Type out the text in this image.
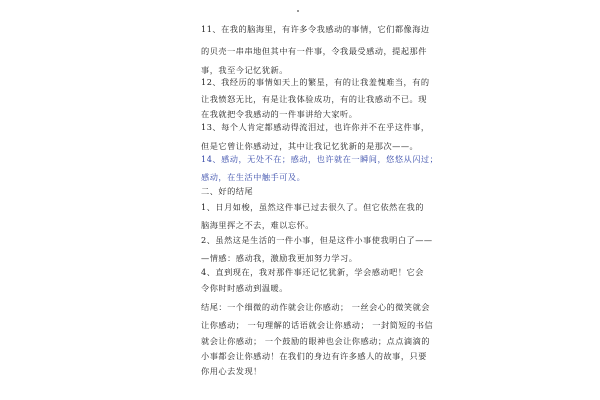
11、在我的脑海里，有许多令我感动的事情，它们都像海边
的贝壳一串串地但其中有一件事，令我最受感动，提起那件
事，我至今记忆犹新。
12、我经历的事情如天上的繁星，有的让我羞愧难当，有的
让我愤怒无比，有是让我体验成功，有的让我感动不已。现
在我就把令我感动的一件事讲给大家听。
13、每个人肯定都感动得流泪过，也许你并不在乎这件事，
但是它曾让你感动过，其中让我记忆犹新的是那次——。
14、感动，无处不在；感动，也许就在一瞬间，悠悠从闪过；
感动，在生活中触手可及。
二、好的结尾
1、日月如梭，虽然这件事已过去很久了。但它依然在我的
脑海里挥之不去，难以忘怀。
2、虽然这是生活的一件小事，但是这件小事使我明白了——
—情感：感动我，激励我更加努力学习。
4、直到现在，我对那件事还记忆犹新，学会感动吧！它会
令你时时感动到温暖。
结尾：一个细微的动作就会让你感动； 一丝会心的微笑就会
让你感动； 一句理解的话语就会让你感动； 一封简短的书信
就会让你感动； 一个鼓励的眼神也会让你感动；点点滴滴的
小事都会让你感动！在我们的身边有许多感人的故事，只要
你用心去发现！
